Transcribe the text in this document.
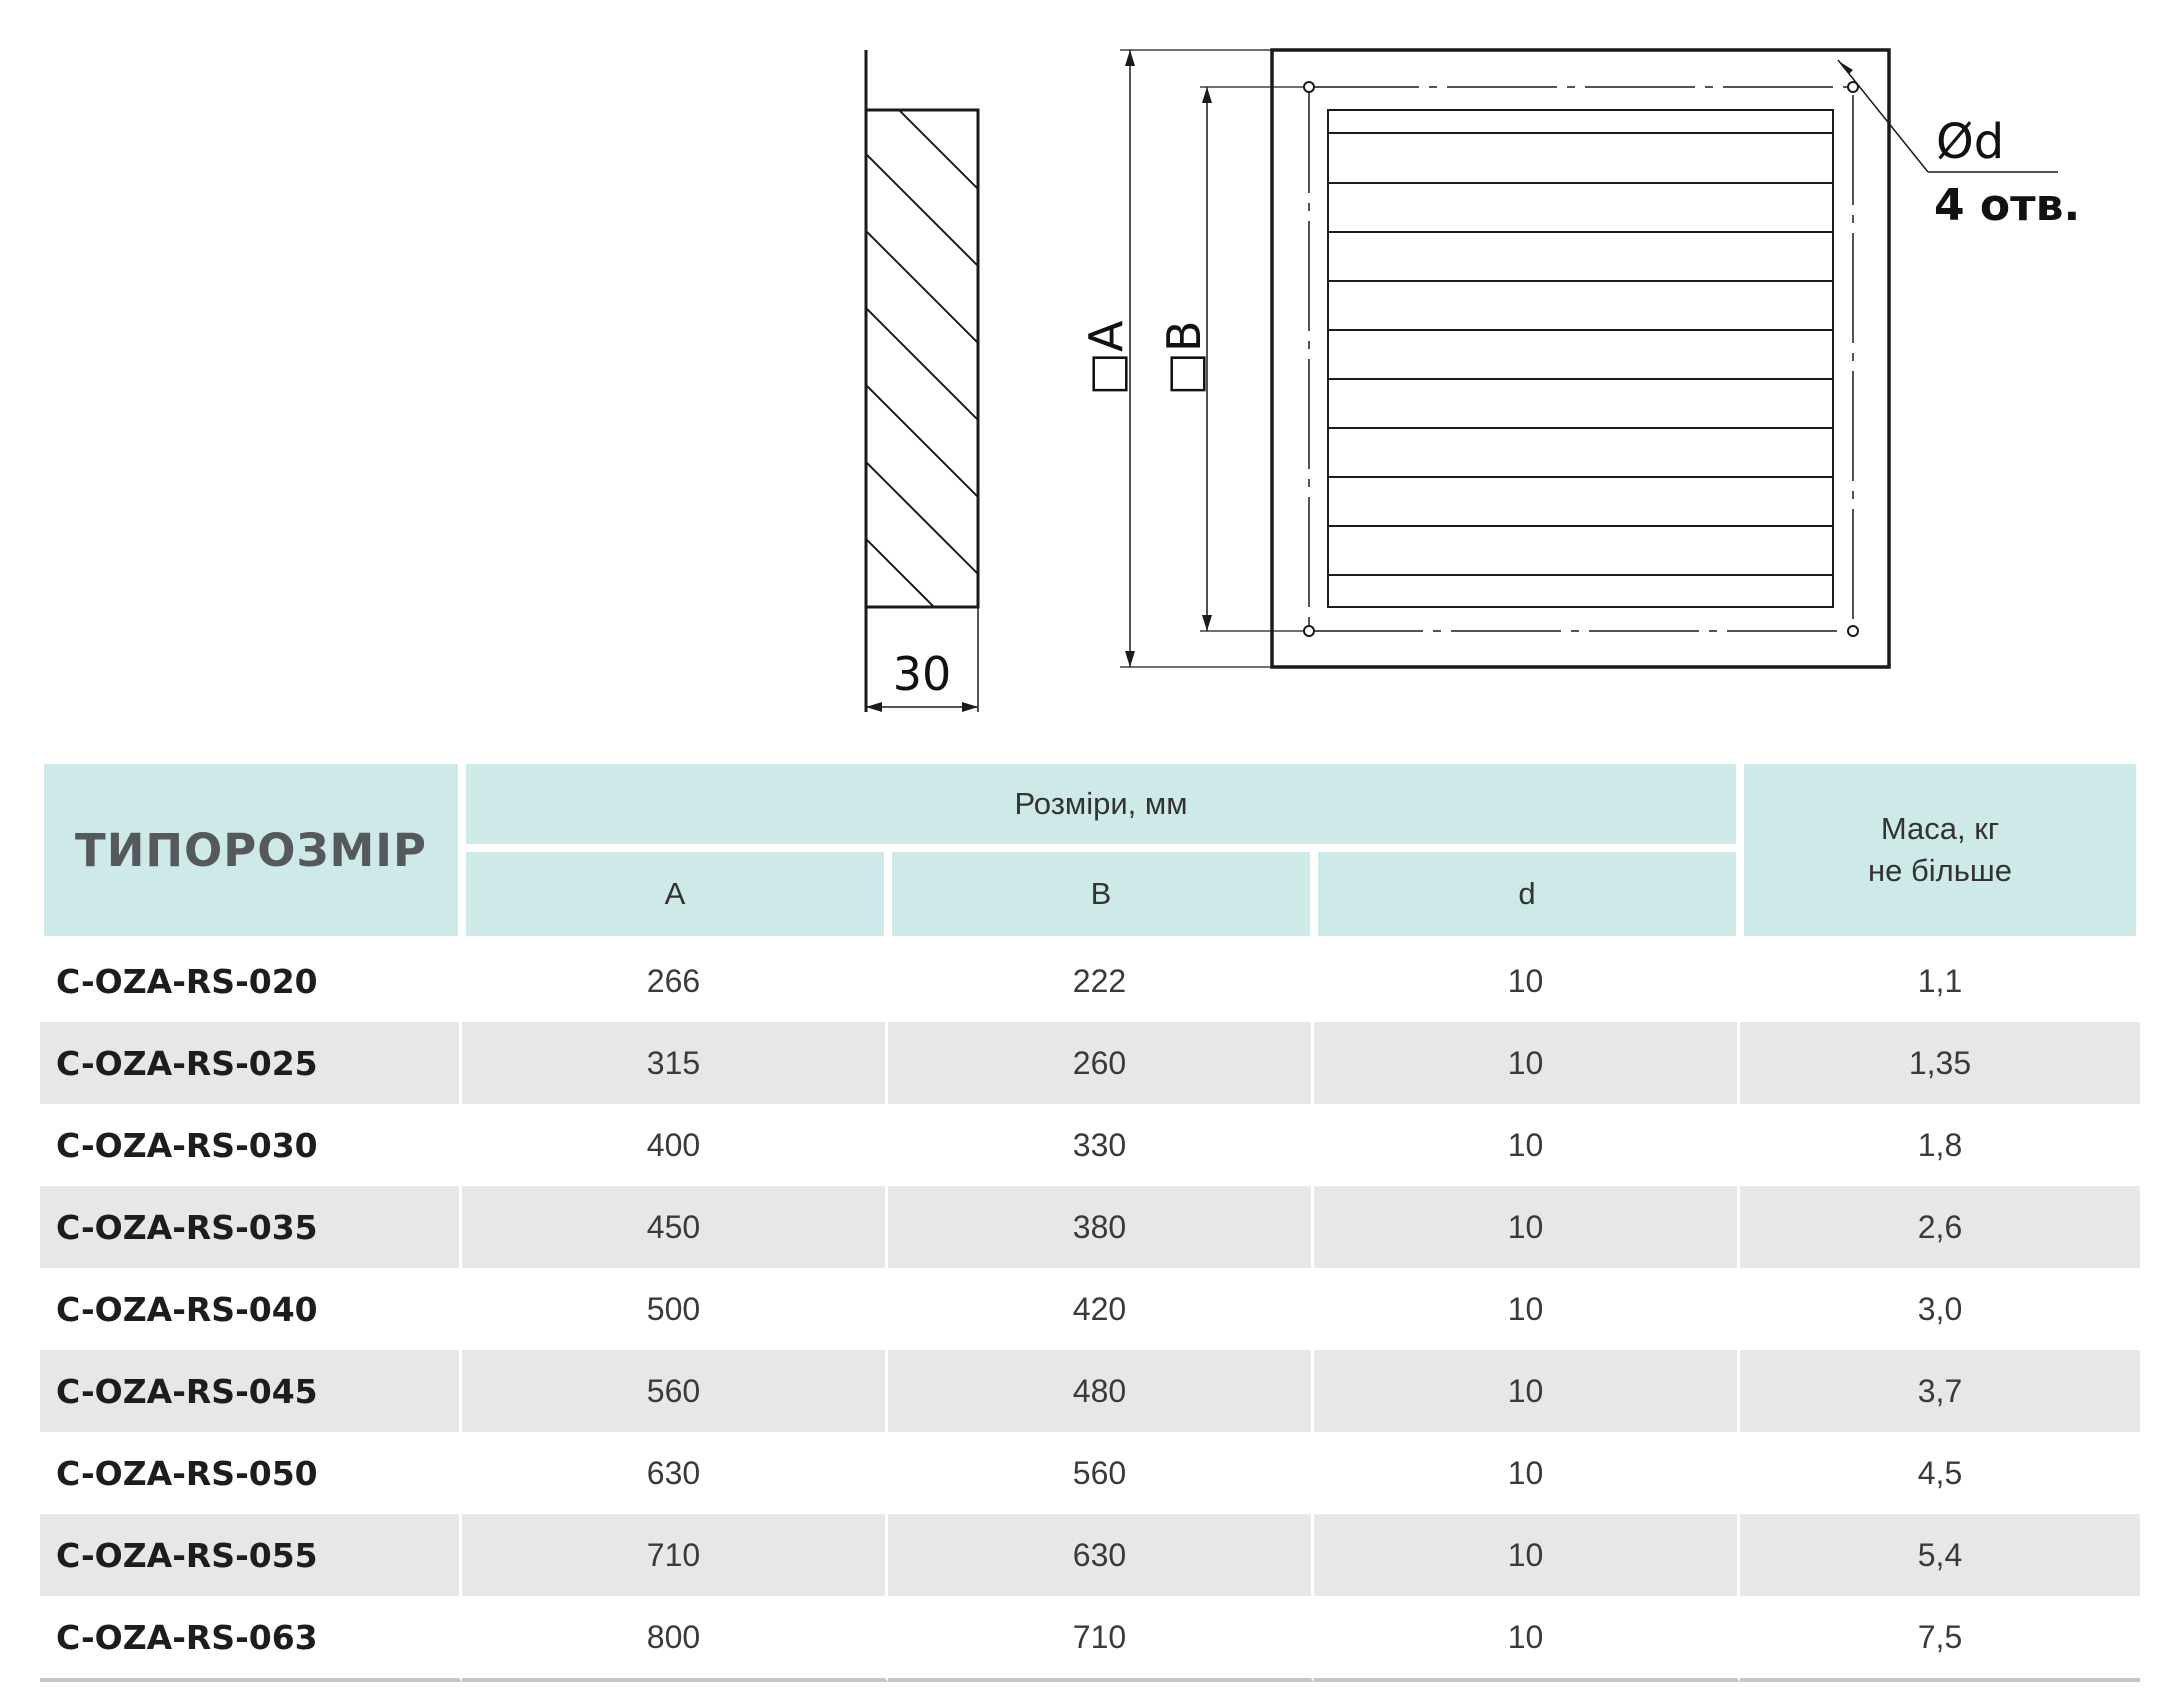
30
□A □B
Ød
4 отв.
ТИПОРОЗМІР	Розміри, мм			Маса, кг
не більше

	A	B	d	
C-OZA-RS-020	266	222	10	1,1
C-OZA-RS-025	315	260	10	1,35
C-OZA-RS-030	400	330	10	1,8
C-OZA-RS-035	450	380	10	2,6
C-OZA-RS-040	500	420	10	3,0
C-OZA-RS-045	560	480	10	3,7
C-OZA-RS-050	630	560	10	4,5
C-OZA-RS-055	710	630	10	5,4
C-OZA-RS-063	800	710	10	7,5
